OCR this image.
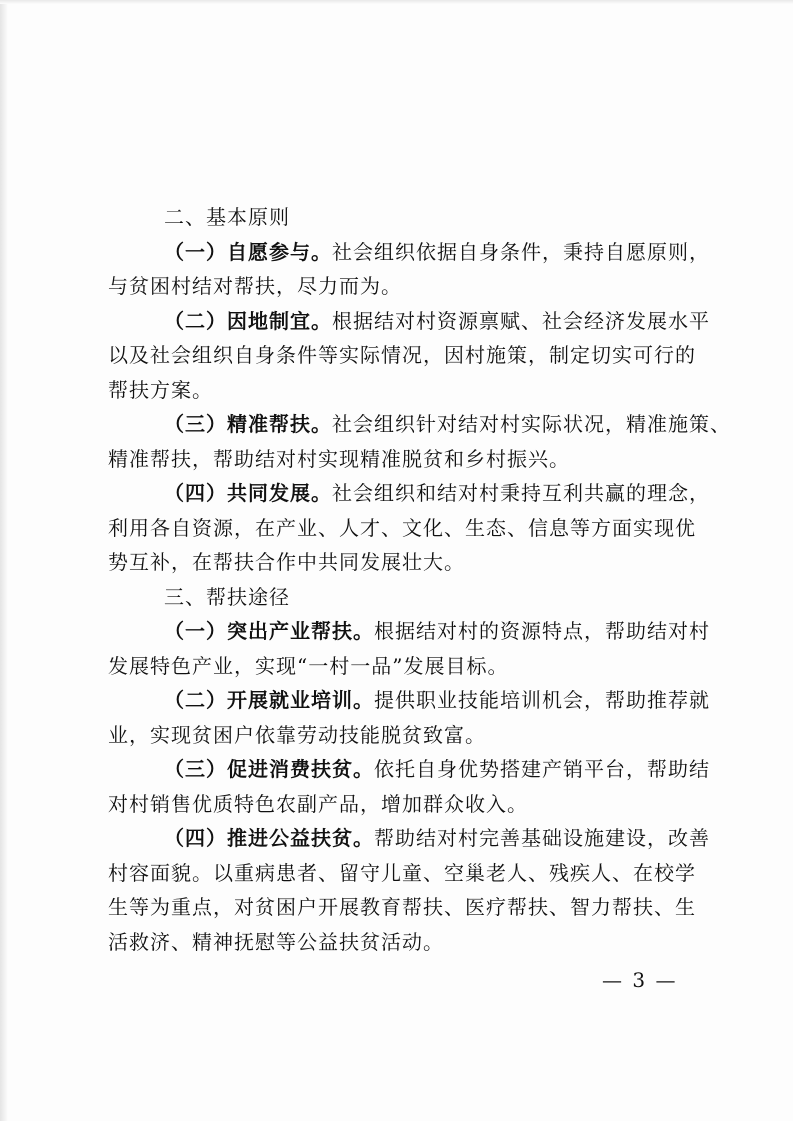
二、基本原则
（一）自愿参与。社会组织依据自身条件，秉持自愿原则，
与贫困村结对帮扶，尽力而为。
（二）因地制宜。根据结对村资源禀赋、社会经济发展水平
以及社会组织自身条件等实际情况，因村施策，制定切实可行的
帮扶方案。
（三）精准帮扶。社会组织针对结对村实际状况，精准施策、
精准帮扶，帮助结对村实现精准脱贫和乡村振兴。
（四）共同发展。社会组织和结对村秉持互利共赢的理念，
利用各自资源，在产业、人才、文化、生态、信息等方面实现优
势互补，在帮扶合作中共同发展壮大。
三、帮扶途径
（一）突出产业帮扶。根据结对村的资源特点，帮助结对村
发展特色产业，实现“一村一品”发展目标。
（二）开展就业培训。提供职业技能培训机会，帮助推荐就
业，实现贫困户依靠劳动技能脱贫致富。
（三）促进消费扶贫。依托自身优势搭建产销平台，帮助结
对村销售优质特色农副产品，增加群众收入。
（四）推进公益扶贫。帮助结对村完善基础设施建设，改善
村容面貌。以重病患者、留守儿童、空巢老人、残疾人、在校学
生等为重点，对贫困户开展教育帮扶、医疗帮扶、智力帮扶、生
活救济、精神抚慰等公益扶贫活动。
— 3 —
